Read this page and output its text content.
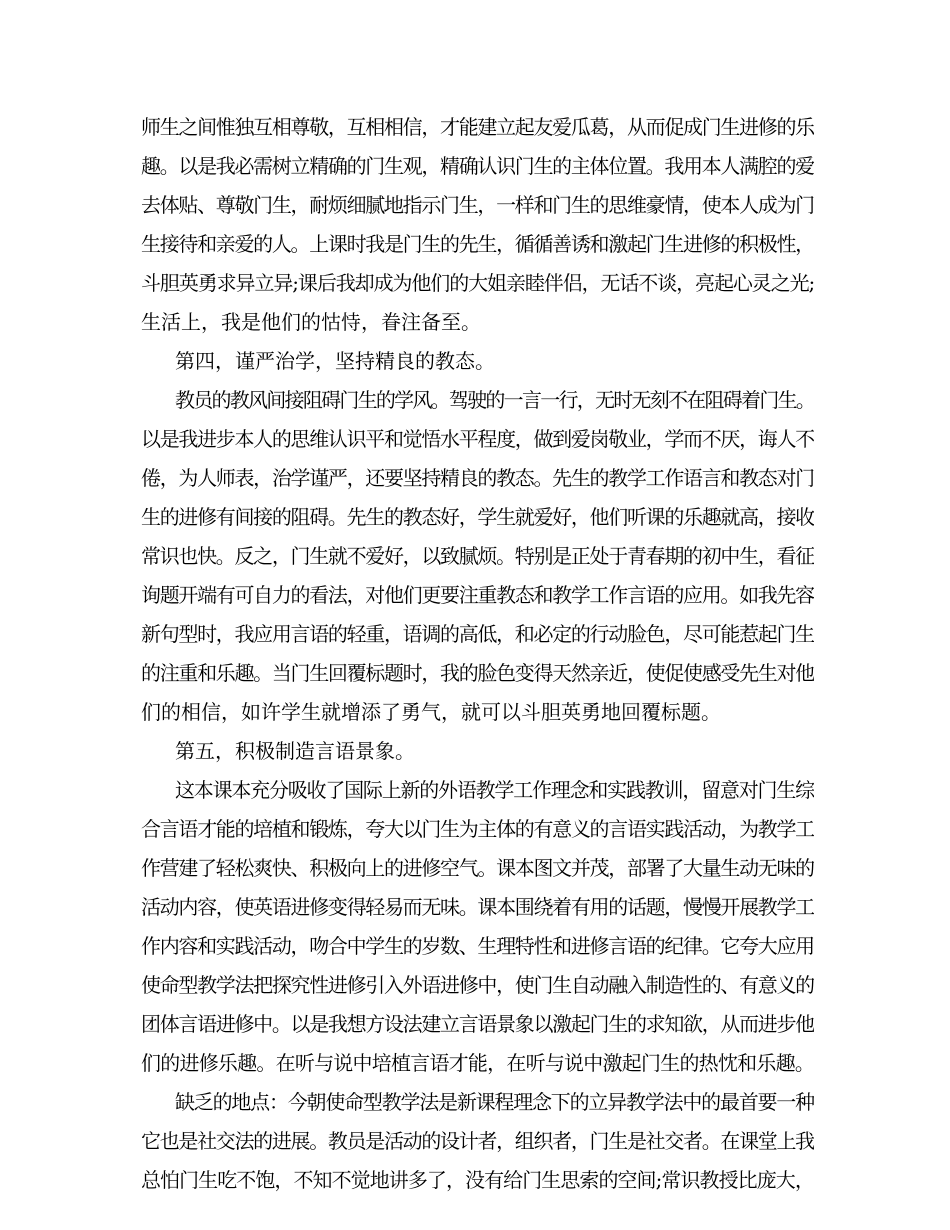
师生之间惟独互相尊敬，互相相信，才能建立起友爱瓜葛，从而促成门生进修的乐
趣。以是我必需树立精确的门生观，精确认识门生的主体位置。我用本人满腔的爱
去体贴、尊敬门生，耐烦细腻地指示门生，一样和门生的思维豪情，使本人成为门
生接待和亲爱的人。上课时我是门生的先生，循循善诱和激起门生进修的积极性，
斗胆英勇求异立异;课后我却成为他们的大姐亲睦伴侣，无话不谈，亮起心灵之光;
生活上，我是他们的怙恃，眷注备至。
第四，谨严治学，坚持精良的教态。
教员的教风间接阻碍门生的学风。驾驶的一言一行，无时无刻不在阻碍着门生。
以是我进步本人的思维认识平和觉悟水平程度，做到爱岗敬业，学而不厌，诲人不
倦，为人师表，治学谨严，还要坚持精良的教态。先生的教学工作语言和教态对门
生的进修有间接的阻碍。先生的教态好，学生就爱好，他们听课的乐趣就高，接收
常识也快。反之，门生就不爱好，以致腻烦。特别是正处于青春期的初中生，看征
询题开端有可自力的看法，对他们更要注重教态和教学工作言语的应用。如我先容
新句型时，我应用言语的轻重，语调的高低，和必定的行动脸色，尽可能惹起门生
的注重和乐趣。当门生回覆标题时，我的脸色变得天然亲近，使促使感受先生对他
们的相信，如许学生就增添了勇气，就可以斗胆英勇地回覆标题。
第五，积极制造言语景象。
这本课本充分吸收了国际上新的外语教学工作理念和实践教训，留意对门生综
合言语才能的培植和锻炼，夸大以门生为主体的有意义的言语实践活动，为教学工
作营建了轻松爽快、积极向上的进修空气。课本图文并茂，部署了大量生动无味的
活动内容，使英语进修变得轻易而无味。课本围绕着有用的话题，慢慢开展教学工
作内容和实践活动，吻合中学生的岁数、生理特性和进修言语的纪律。它夸大应用
使命型教学法把探究性进修引入外语进修中，使门生自动融入制造性的、有意义的
团体言语进修中。以是我想方设法建立言语景象以激起门生的求知欲，从而进步他
们的进修乐趣。在听与说中培植言语才能，在听与说中激起门生的热忱和乐趣。
缺乏的地点：今朝使命型教学法是新课程理念下的立异教学法中的最首要一种
它也是社交法的进展。教员是活动的设计者，组织者，门生是社交者。在课堂上我
总怕门生吃不饱，不知不觉地讲多了，没有给门生思索的空间;常识教授比庞大，
